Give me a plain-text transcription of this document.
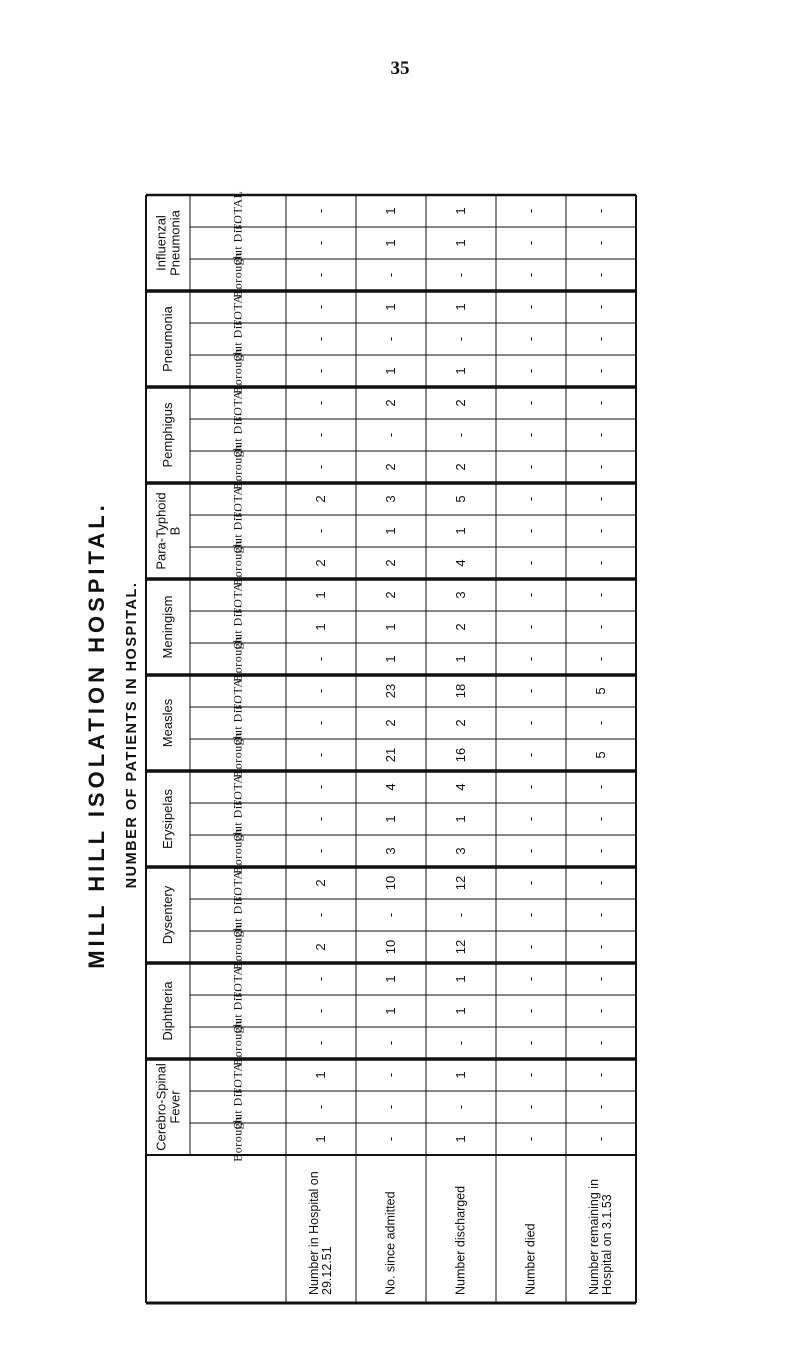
35
MILL HILL ISOLATION HOSPITAL. NUMBER OF PATIENTS IN HOSPITAL.
Influenzal Pneumonia	TOTAL	-	1	1	-	-
Out Dis.	-	1	1	-	-
Borough	-	-	-	-	-
Pneumonia	TOTAL	-	1	1	-	-
Out Dis.	-	-	-	-	-
Borough	-	1	1	-	-
Pemphigus	TOTAL	-	2	2	-	-
Out Dis.	-	-	-	-	-
Borough	-	2	2	-	-
Para-Typhoid B
TOTAL	2	3	5	-	-
Out Dis.	-	1	1	-	-
Borough	2	2	4	-	-
Meningism
TOTAL	1	2	3	-	-
Out Dis.	1	1	2	-	-
Borough	-	1	1	-	-
Measles
TOTAL	-	23	18	-	5
Out Dis.	-	2	2	-	-
Borough	-	21	16	-	5
Erysipelas
TOTAL	-	4	4	-	-
Out Dis.	-	1	1	-	-
Borough	-	3	3	-	-
Dysentery
TOTAL	2	10	12	-	-
Out Dis.	-	-	-	-	-
Borough	2	10	12	-	-
Diphtheria
TOTAL	-	1	1	-	-
Out Dis.	-	1	1	-	-
Borough	-	-	-	-	-
Cerebro-Spinal Fever
TOTAL	1	-	1	-	-
Out Dis.	-	-	-	-	-
Borough	1	-	1	-	-
Number in Hospital on 29.12.51	No. since admitted	Number discharged	Number died	Number remaining in Hospital on 3.1.53
